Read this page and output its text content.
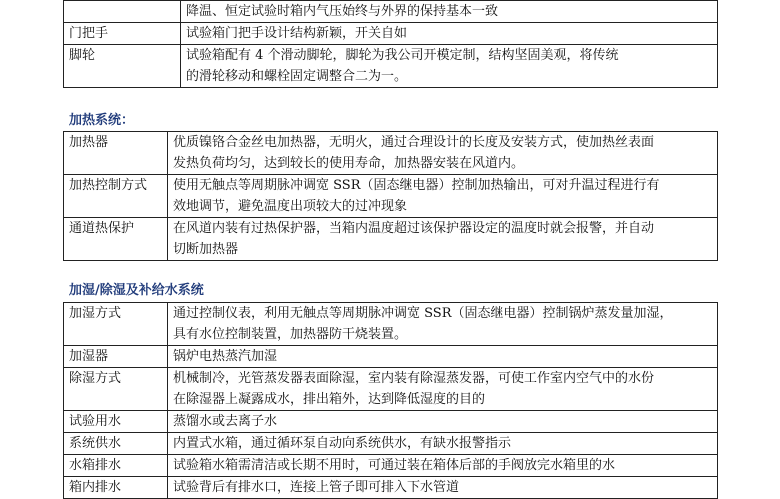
	降温、恒定试验时箱内气压始终与外界的保持基本一致

门把手	试验箱门把手设计结构新颖，开关自如

脚轮	试验箱配有 4 个滑动脚轮，脚轮为我公司开模定制，结构坚固美观，将传统
的滑轮移动和螺栓固定调整合二为一。
加热系统：
加热器	优质镍铬合金丝电加热器，无明火，通过合理设计的长度及安装方式，使加热丝表面
发热负荷均匀，达到较长的使用寿命，加热器安装在风道内。

加热控制方式	使用无触点等周期脉冲调宽 SSR（固态继电器）控制加热输出，可对升温过程进行有
效地调节，避免温度出项较大的过冲现象

通道热保护	在风道内装有过热保护器，当箱内温度超过该保护器设定的温度时就会报警，并自动
切断加热器
加湿/除湿及补给水系统
加湿方式	通过控制仪表，利用无触点等周期脉冲调宽 SSR（固态继电器）控制锅炉蒸发量加湿，
具有水位控制装置，加热器防干烧装置。

加湿器	锅炉电热蒸汽加湿

除湿方式	机械制冷，光管蒸发器表面除湿，室内装有除湿蒸发器，可使工作室内空气中的水份
在除湿器上凝露成水，排出箱外，达到降低湿度的目的

试验用水	蒸馏水或去离子水

系统供水	内置式水箱，通过循环泵自动向系统供水，有缺水报警指示

水箱排水	试验箱水箱需清洁或长期不用时，可通过装在箱体后部的手阀放完水箱里的水

箱内排水	试验背后有排水口，连接上管子即可排入下水管道
